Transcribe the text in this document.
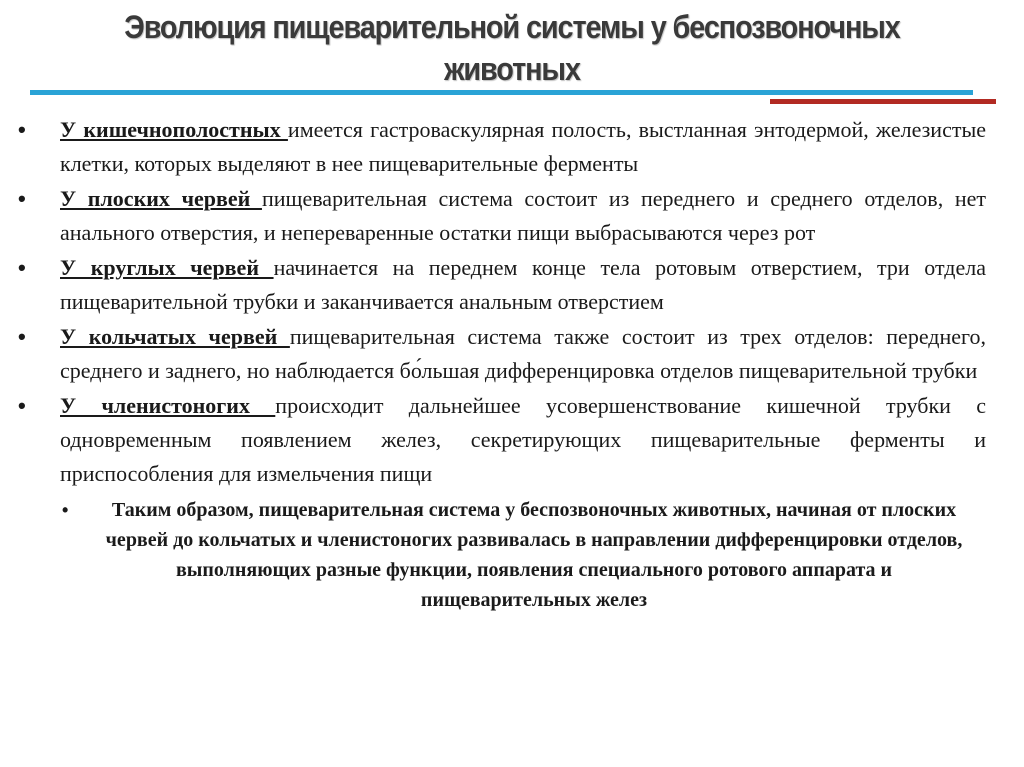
Эволюция пищеварительной системы у беспозвоночных
животных
• У кишечнополостных имеется гастроваскулярная полость, выстланная энтодермой, железистые клетки, которых выделяют в нее пищеварительные ферменты
• У плоских червей пищеварительная система состоит из переднего и среднего отделов, нет анального отверстия, и непереваренные остатки пищи выбрасываются через рот
• У круглых червей начинается на переднем конце тела ротовым отверстием, три отдела пищеварительной трубки и заканчивается анальным отверстием
• У кольчатых червей пищеварительная система также состоит из трех отделов: переднего, среднего и заднего, но наблюдается бо́льшая дифференцировка отделов пищеварительной трубки
• У членистоногих происходит дальнейшее усовершенствование кишечной трубки с одновременным появлением желез, секретирующих пищеварительные ферменты и приспособления для измельчения пищи
• Таким образом, пищеварительная система у беспозвоночных животных, начиная от плоских червей до кольчатых и членистоногих развивалась в направлении дифференцировки отделов, выполняющих разные функции, появления специального ротового аппарата и пищеварительных желез
